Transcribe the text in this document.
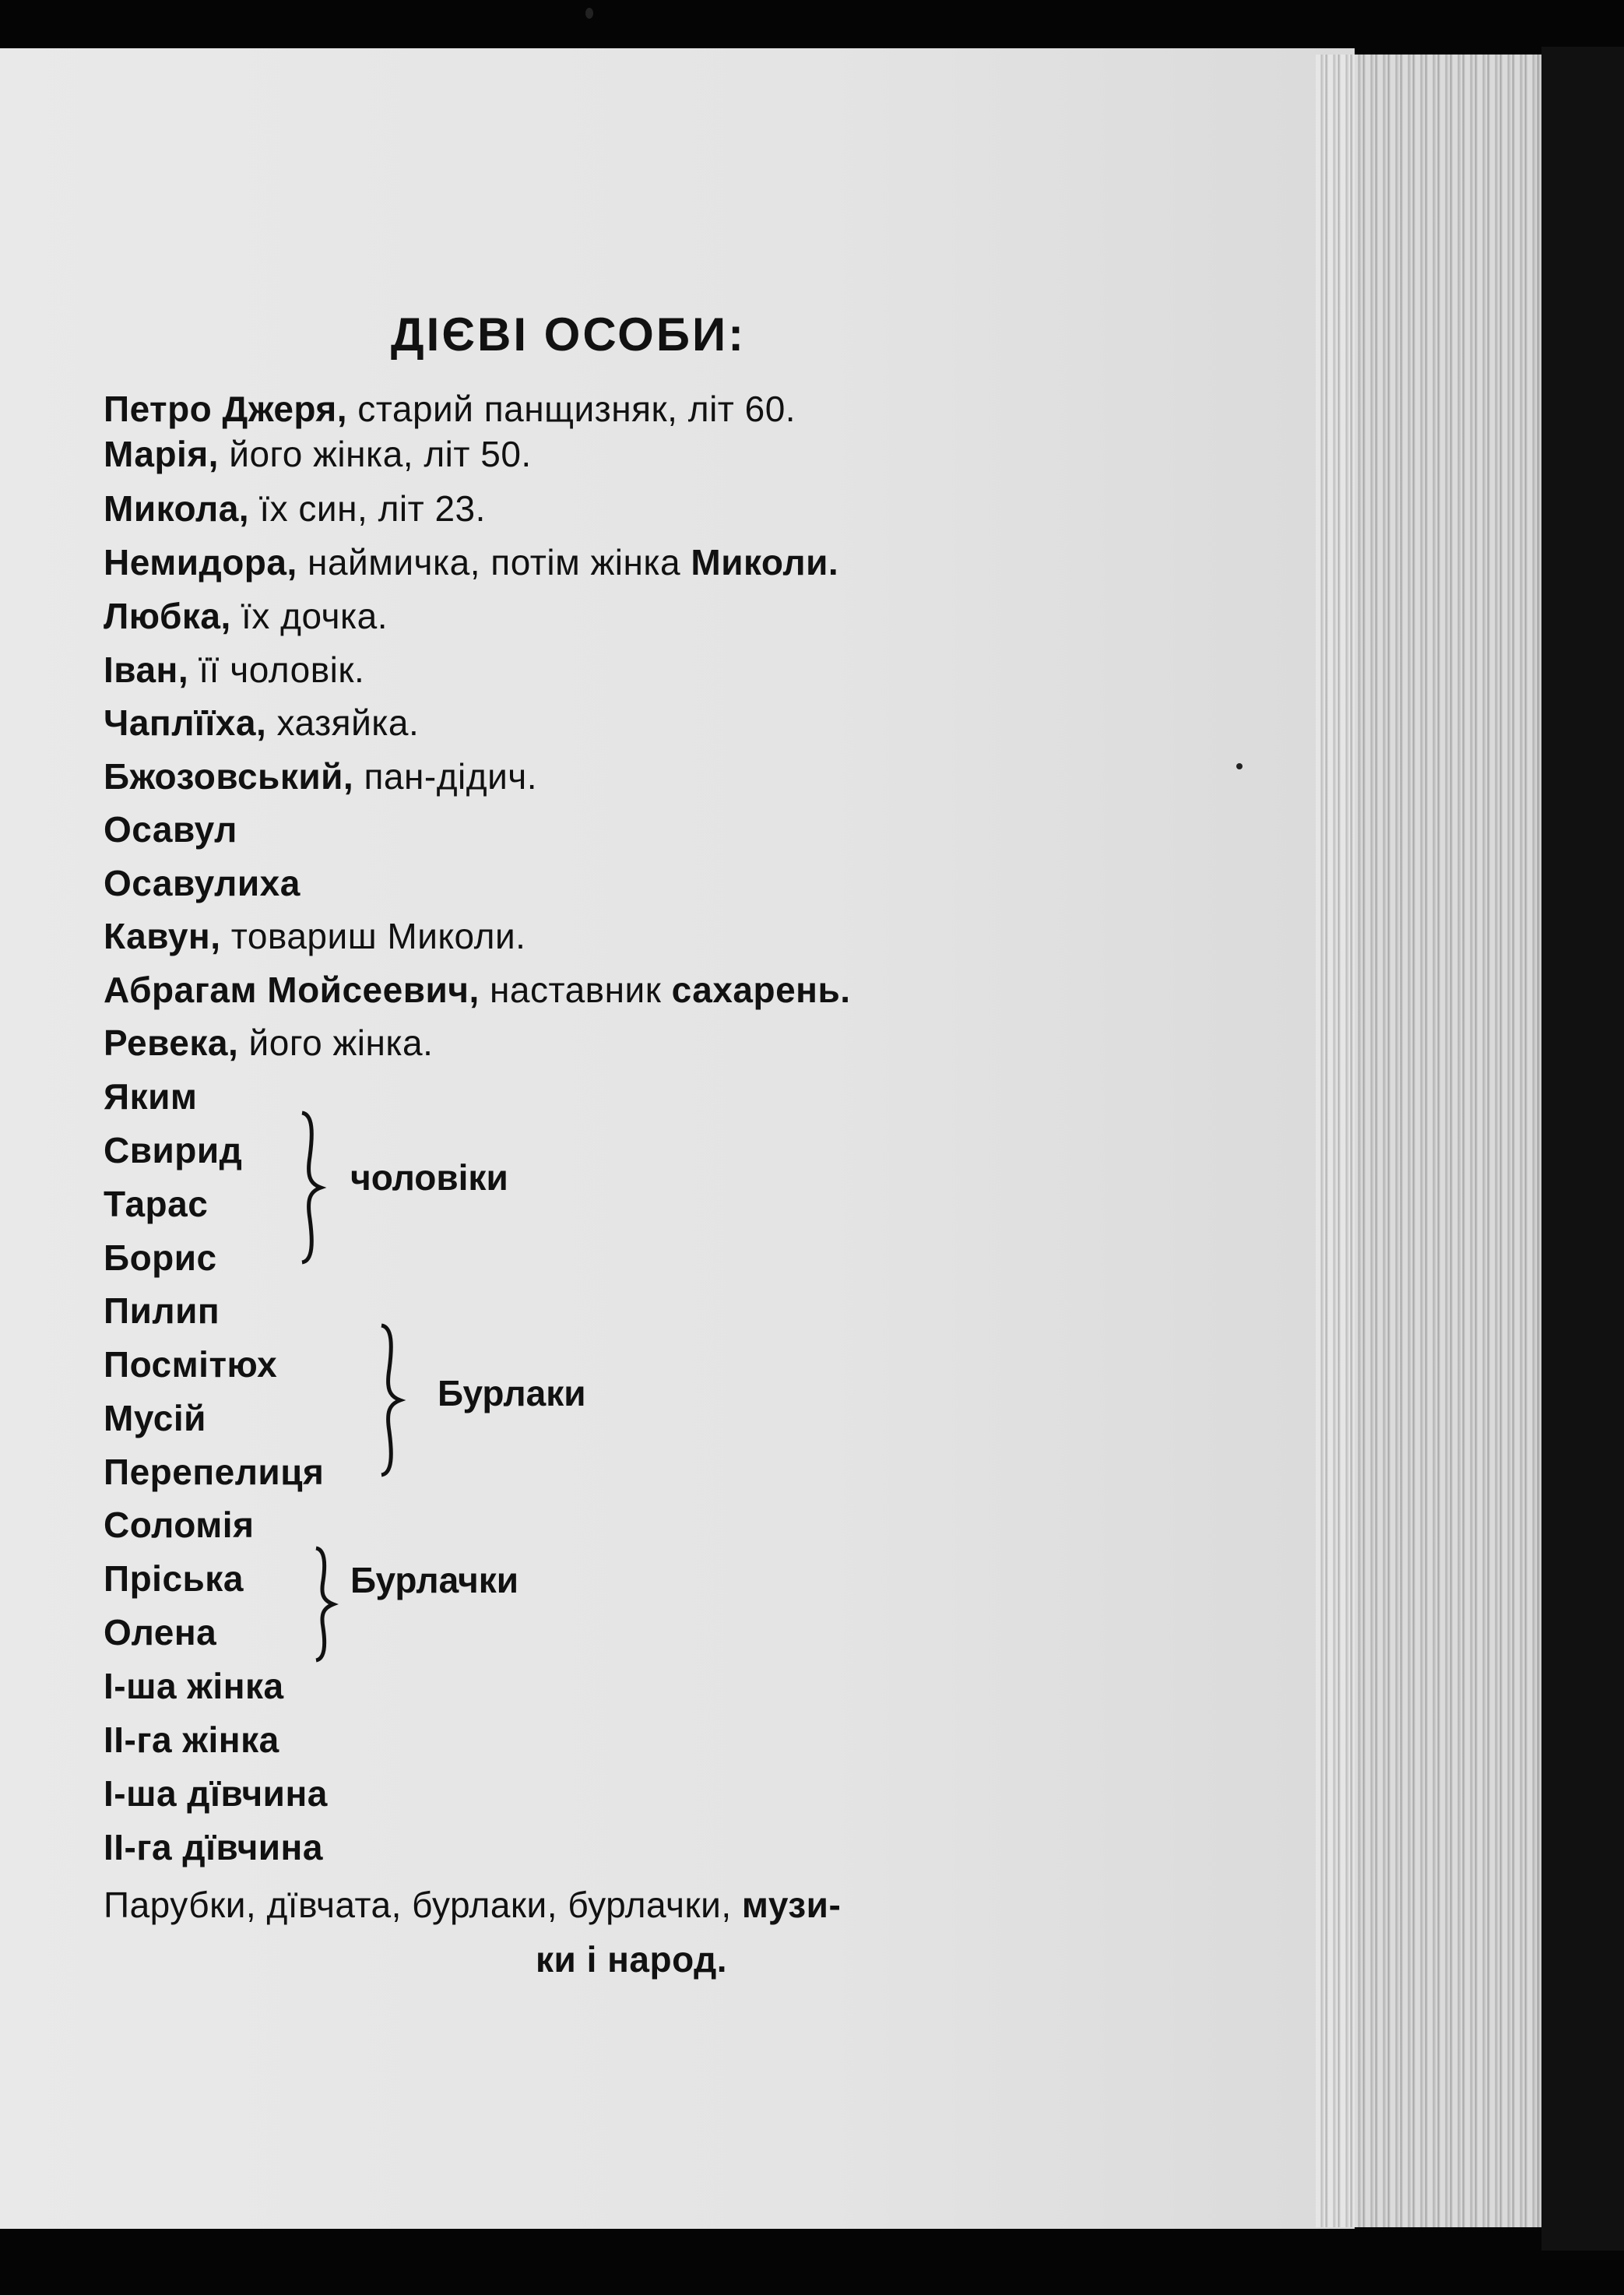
ДІЄВІ ОСОБИ:
Петро Джеря, старий панщизняк, літ 60.
Марія, його жінка, літ 50.
Микола, їх син, літ 23.
Немидора, наймичка, потім жінка Миколи.
Любка, їх дочка.
Іван, її чоловік.
Чаплїїха, хазяйка.
Бжозовський, пан-дідич.
Осавул
Осавулиха
Кавун, товариш Миколи.
Абрагам Мойсеевич, наставник сахарень.
Ревека, його жінка.
Яким
Свирид
Тарас
Борис
чоловіки
Пилип
Посмітюх
Мусій
Перепелиця
Бурлаки
Соломія
Пріська
Олена
Бурлачки
І-ша жінка
ІІ-га жінка
І-ша дївчина
ІІ-га дївчина
Парубки, дївчата, бурлаки, бурлачки, музи-
ки і народ.
